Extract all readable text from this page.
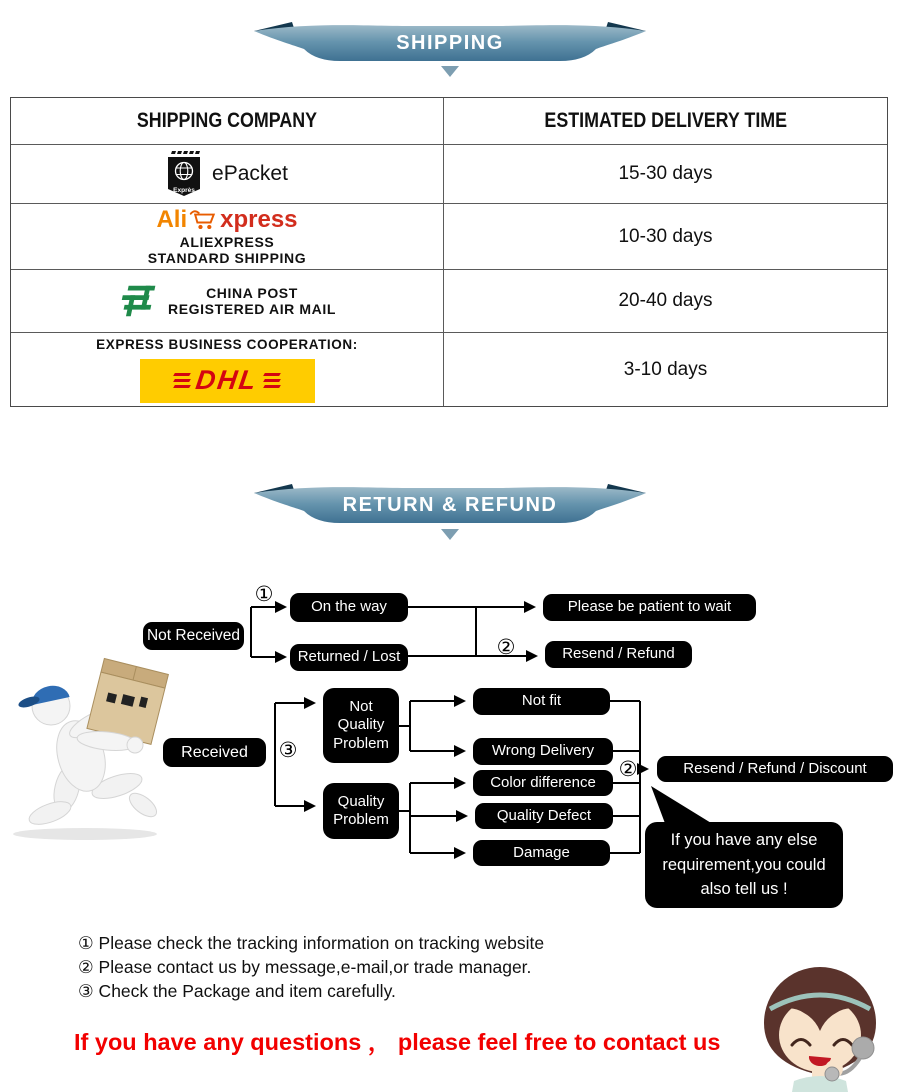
SHIPPING
SHIPPING COMPANY	ESTIMATED DELIVERY TIME
Exprès
ePacket	15-30 days
Ali xpress
ALIEXPRESS
STANDARD SHIPPING
10-30 days
CHINA POST
REGISTERED AIR MAIL	20-40 days
EXPRESS BUSINESS COOPERATION:
DHL	3-10 days
RETURN & REFUND
①
②
③
②
Not Received
On the way
Returned / Lost
Please be patient to wait
Resend / Refund
Received
Not
Quality
Problem
Quality
Problem
Not fit
Wrong Delivery
Color difference
Quality Defect
Damage
Resend / Refund / Discount
If you have any else
requirement,you could
also tell us !

① Please check the tracking information on tracking website

② Please contact us by message,e-mail,or trade manager.

③ Check the Package and item carefully.

If you have any questions ， please feel free to contact us
